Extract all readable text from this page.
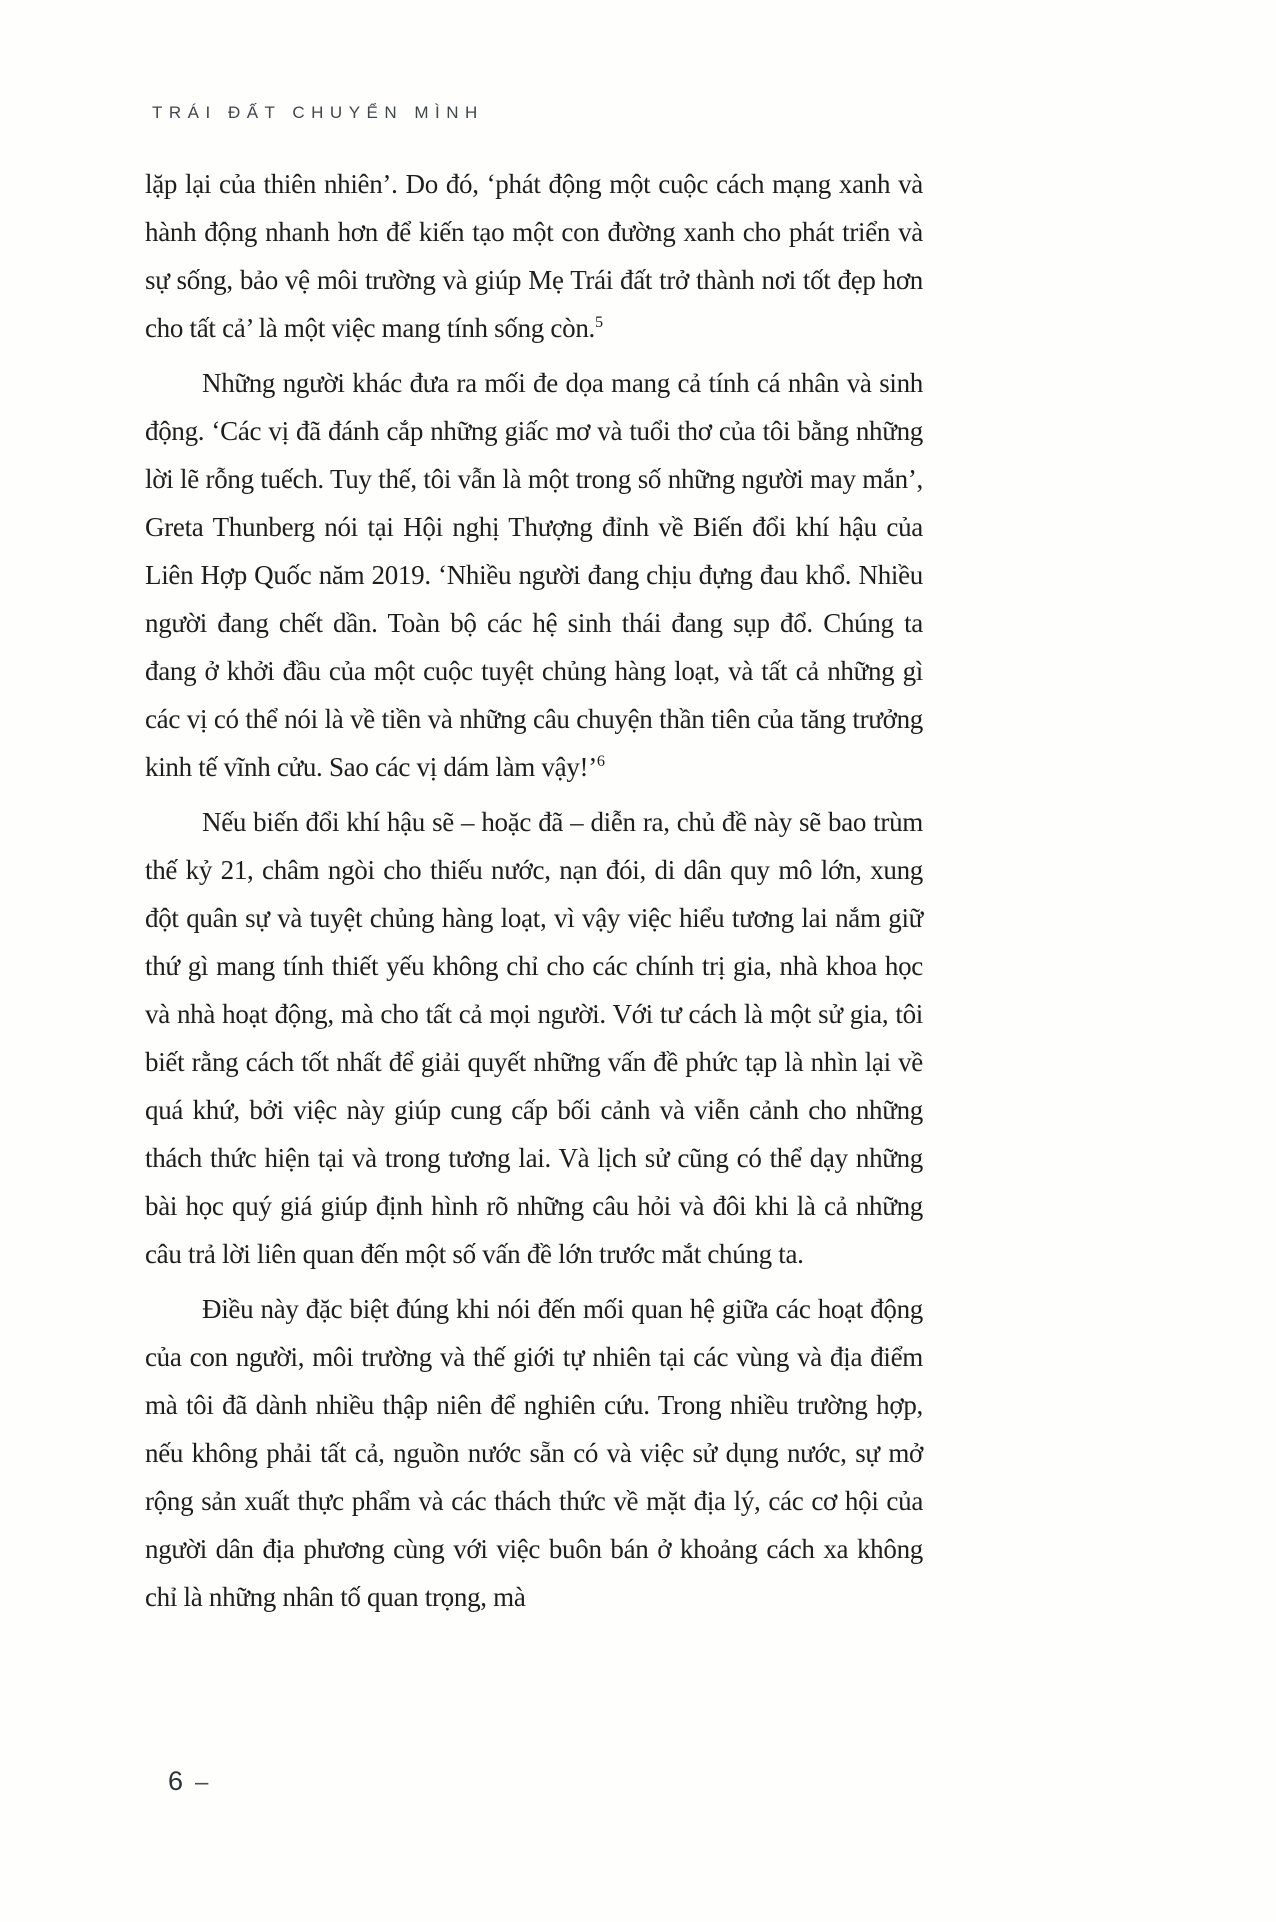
TRÁI ĐẤT CHUYỂN MÌNH

lặp lại của thiên nhiên’. Do đó, ‘phát động một cuộc cách mạng xanh và hành động nhanh hơn để kiến tạo một con đường xanh cho phát triển và sự sống, bảo vệ môi trường và giúp Mẹ Trái đất trở thành nơi tốt đẹp hơn cho tất cả’ là một việc mang tính sống còn.$^5$

Những người khác đưa ra mối đe dọa mang cả tính cá nhân và sinh động. ‘Các vị đã đánh cắp những giấc mơ và tuổi thơ của tôi bằng những lời lẽ rỗng tuếch. Tuy thế, tôi vẫn là một trong số những người may mắn’, Greta Thunberg nói tại Hội nghị Thượng đỉnh về Biến đổi khí hậu của Liên Hợp Quốc năm 2019. ‘Nhiều người đang chịu đựng đau khổ. Nhiều người đang chết dần. Toàn bộ các hệ sinh thái đang sụp đổ. Chúng ta đang ở khởi đầu của một cuộc tuyệt chủng hàng loạt, và tất cả những gì các vị có thể nói là về tiền và những câu chuyện thần tiên của tăng trưởng kinh tế vĩnh cửu. Sao các vị dám làm vậy!’$^6$

Nếu biến đổi khí hậu sẽ – hoặc đã – diễn ra, chủ đề này sẽ bao trùm thế kỷ 21, châm ngòi cho thiếu nước, nạn đói, di dân quy mô lớn, xung đột quân sự và tuyệt chủng hàng loạt, vì vậy việc hiểu tương lai nắm giữ thứ gì mang tính thiết yếu không chỉ cho các chính trị gia, nhà khoa học và nhà hoạt động, mà cho tất cả mọi người. Với tư cách là một sử gia, tôi biết rằng cách tốt nhất để giải quyết những vấn đề phức tạp là nhìn lại về quá khứ, bởi việc này giúp cung cấp bối cảnh và viễn cảnh cho những thách thức hiện tại và trong tương lai. Và lịch sử cũng có thể dạy những bài học quý giá giúp định hình rõ những câu hỏi và đôi khi là cả những câu trả lời liên quan đến một số vấn đề lớn trước mắt chúng ta.

Điều này đặc biệt đúng khi nói đến mối quan hệ giữa các hoạt động của con người, môi trường và thế giới tự nhiên tại các vùng và địa điểm mà tôi đã dành nhiều thập niên để nghiên cứu. Trong nhiều trường hợp, nếu không phải tất cả, nguồn nước sẵn có và việc sử dụng nước, sự mở rộng sản xuất thực phẩm và các thách thức về mặt địa lý, các cơ hội của người dân địa phương cùng với việc buôn bán ở khoảng cách xa không chỉ là những nhân tố quan trọng, mà

6 –
